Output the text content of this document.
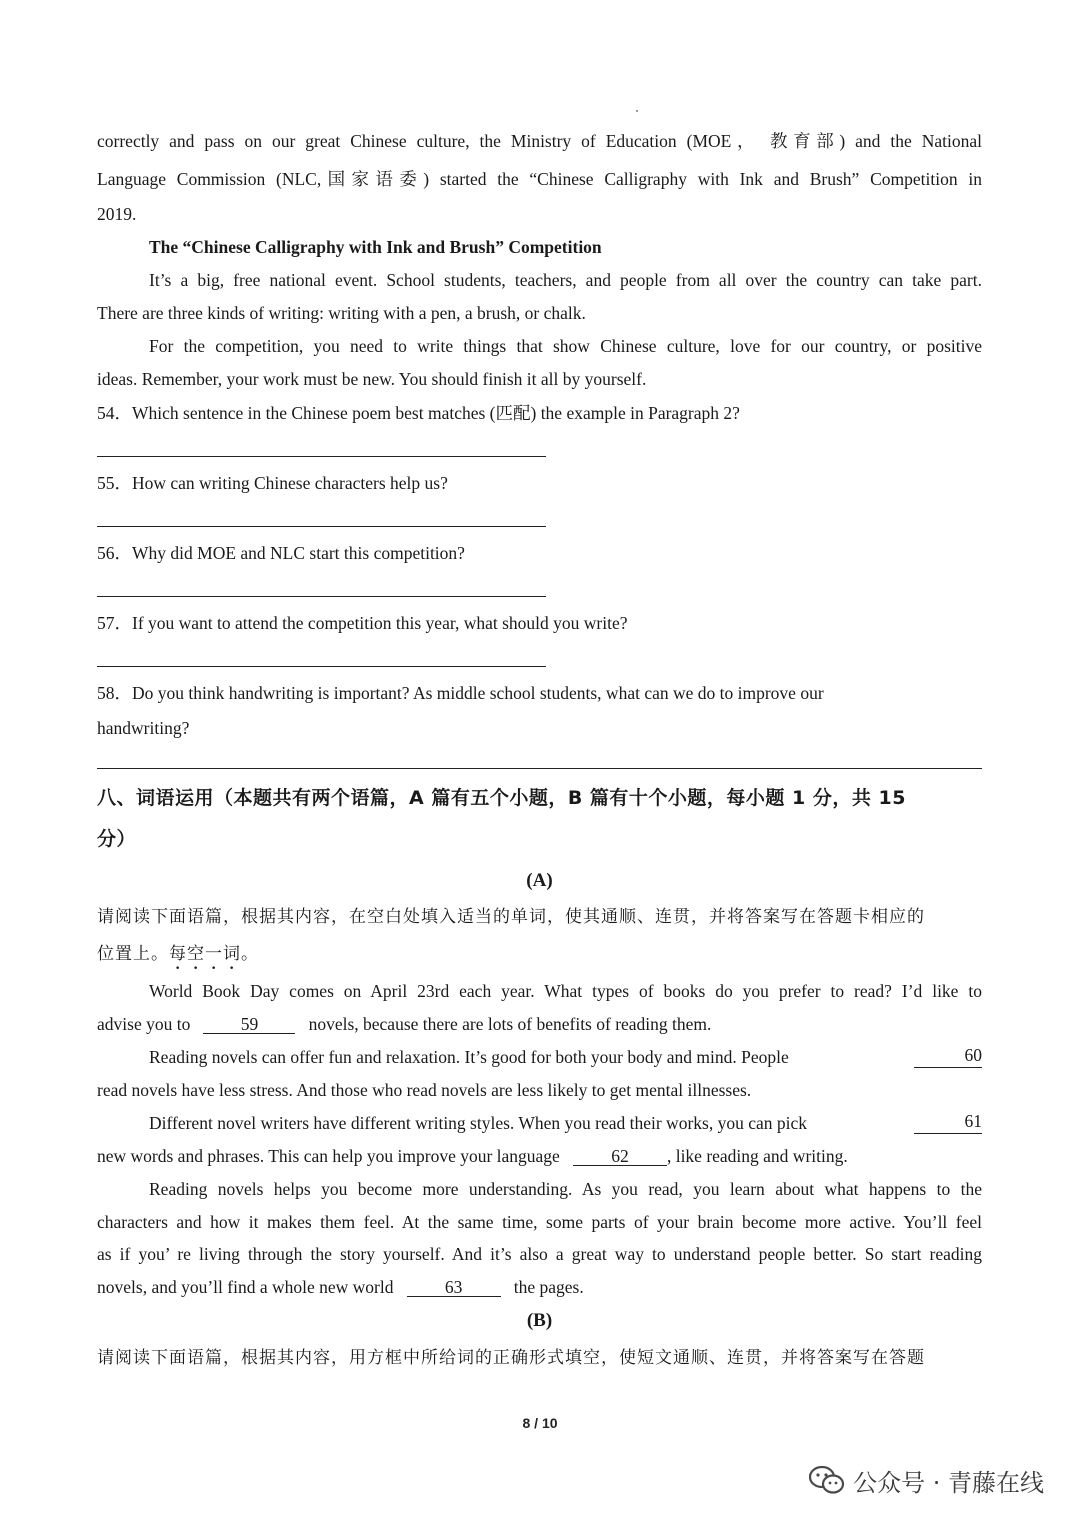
correctly and pass on our great Chinese culture, the Ministry of Education (MOE， 教育部) and the National
Language Commission (NLC,国家语委) started the “Chinese Calligraphy with Ink and Brush” Competition in
2019.
The “Chinese Calligraphy with Ink and Brush” Competition
It’s a big, free national event. School students, teachers, and people from all over the country can take part.
There are three kinds of writing: writing with a pen, a brush, or chalk.
For the competition, you need to write things that show Chinese culture, love for our country, or positive
ideas. Remember, your work must be new. You should finish it all by yourself.
54．Which sentence in the Chinese poem best matches (匹配) the example in Paragraph 2?
55．How can writing Chinese characters help us?
56．Why did MOE and NLC start this competition?
57．If you want to attend the competition this year, what should you write?
58．Do you think handwriting is important? As middle school students, what can we do to improve our
handwriting?
八、词语运用（本题共有两个语篇，A 篇有五个小题，B 篇有十个小题，每小题 1 分，共 15
分）
(A)
请阅读下面语篇，根据其内容，在空白处填入适当的单词，使其通顺、连贯，并将答案写在答题卡相应的
位置上。每空一词。
World Book Day comes on April 23rd each year. What types of books do you prefer to read? I’d like to
advise you to	59	novels, because there are lots of benefits of reading them.
Reading novels can offer fun and relaxation. It’s good for both your body and mind. People	60
read novels have less stress. And those who read novels are less likely to get mental illnesses.
Different novel writers have different writing styles. When you read their works, you can pick	61
new words and phrases. This can help you improve your language	62 , like reading and writing.
Reading novels helps you become more understanding. As you read, you learn about what happens to the
characters and how it makes them feel. At the same time, some parts of your brain become more active. You’ll feel
as if you’ re living through the story yourself. And it’s also a great way to understand people better. So start reading
novels, and you’ll find a whole new world	63	the pages.
(B)
请阅读下面语篇，根据其内容，用方框中所给词的正确形式填空，使短文通顺、连贯，并将答案写在答题
8 / 10
公众号 · 青藤在线
